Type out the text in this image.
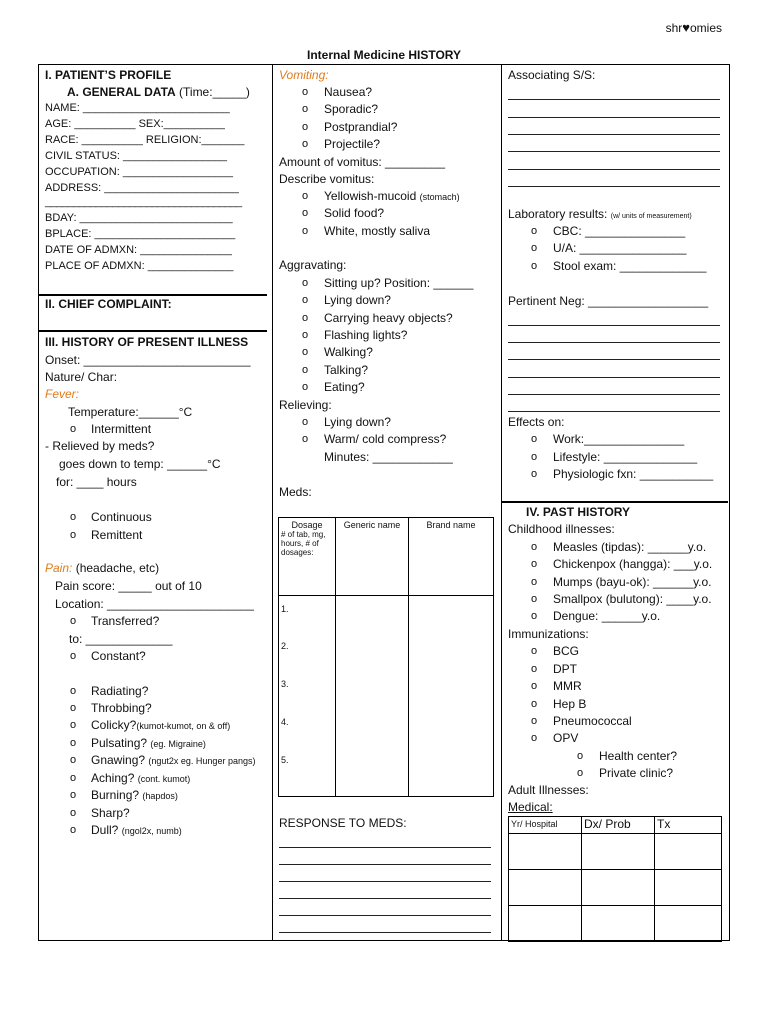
shr♥omies
Internal Medicine HISTORY
I. PATIENT’S PROFILE
A. GENERAL DATA (Time:_____)
NAME: ________________________
AGE: __________ SEX:__________
RACE: __________ RELIGION:_______
CIVIL STATUS: _________________
OCCUPATION: __________________
ADDRESS: ______________________
___________________________________
BDAY: _________________________
BPLACE: _______________________
DATE OF ADMXN: _______________
PLACE OF ADMXN: ______________
II. CHIEF COMPLAINT:
III. HISTORY OF PRESENT ILLNESS
Onset: _________________________
Nature/ Char:
Fever:
Temperature:______°C
o Intermittent
- Relieved by meds?
goes down to temp: ______°C
for: ____ hours
o Continuous
o Remittent
Pain: (headache, etc)
Pain score: _____ out of 10
Location: ______________________
o Transferred?
to: _____________
o Constant?
o Radiating?
o Throbbing?
o Colicky?(kumot-kumot, on & off)
o Pulsating? (eg. Migraine)
o Gnawing? (ngut2x eg. Hunger pangs)
o Aching? (cont. kumot)
o Burning? (hapdos)
o Sharp?
o Dull? (ngol2x, numb)
Vomiting:
o Nausea?
o Sporadic?
o Postprandial?
o Projectile?
Amount of vomitus: _________
Describe vomitus:
o Yellowish-mucoid (stomach)
o Solid food?
o White, mostly saliva
Aggravating:
o Sitting up? Position: ______
o Lying down?
o Carrying heavy objects?
o Flashing lights?
o Walking?
o Talking?
o Eating?
Relieving:
o Lying down?
o Warm/ cold compress?
Minutes: ____________
Meds:
Dosage
# of tab, mg, hours, # of dosages:	Generic name	Brand name

1.
2.
3.
4.
5.		

RESPONSE TO MEDS:
Associating S/S:
Laboratory results: (w/ units of measurement)
o CBC: _______________
o U/A: ________________
o Stool exam: _____________
Pertinent Neg: __________________
Effects on:
o Work:_______________
o Lifestyle: ______________
o Physiologic fxn: ___________
IV. PAST HISTORY
Childhood illnesses:
o Measles (tipdas): ______y.o.
o Chickenpox (hangga): ___y.o.
o Mumps (bayu-ok): ______y.o.
o Smallpox (bulutong): ____y.o.
o Dengue: ______y.o.
Immunizations:
o BCG
o DPT
o MMR
o Hep B
o Pneumococcal
o OPV
o Health center?
o Private clinic?
Adult Illnesses:
Medical:
Yr/ Hospital	Dx/ Prob	Tx
